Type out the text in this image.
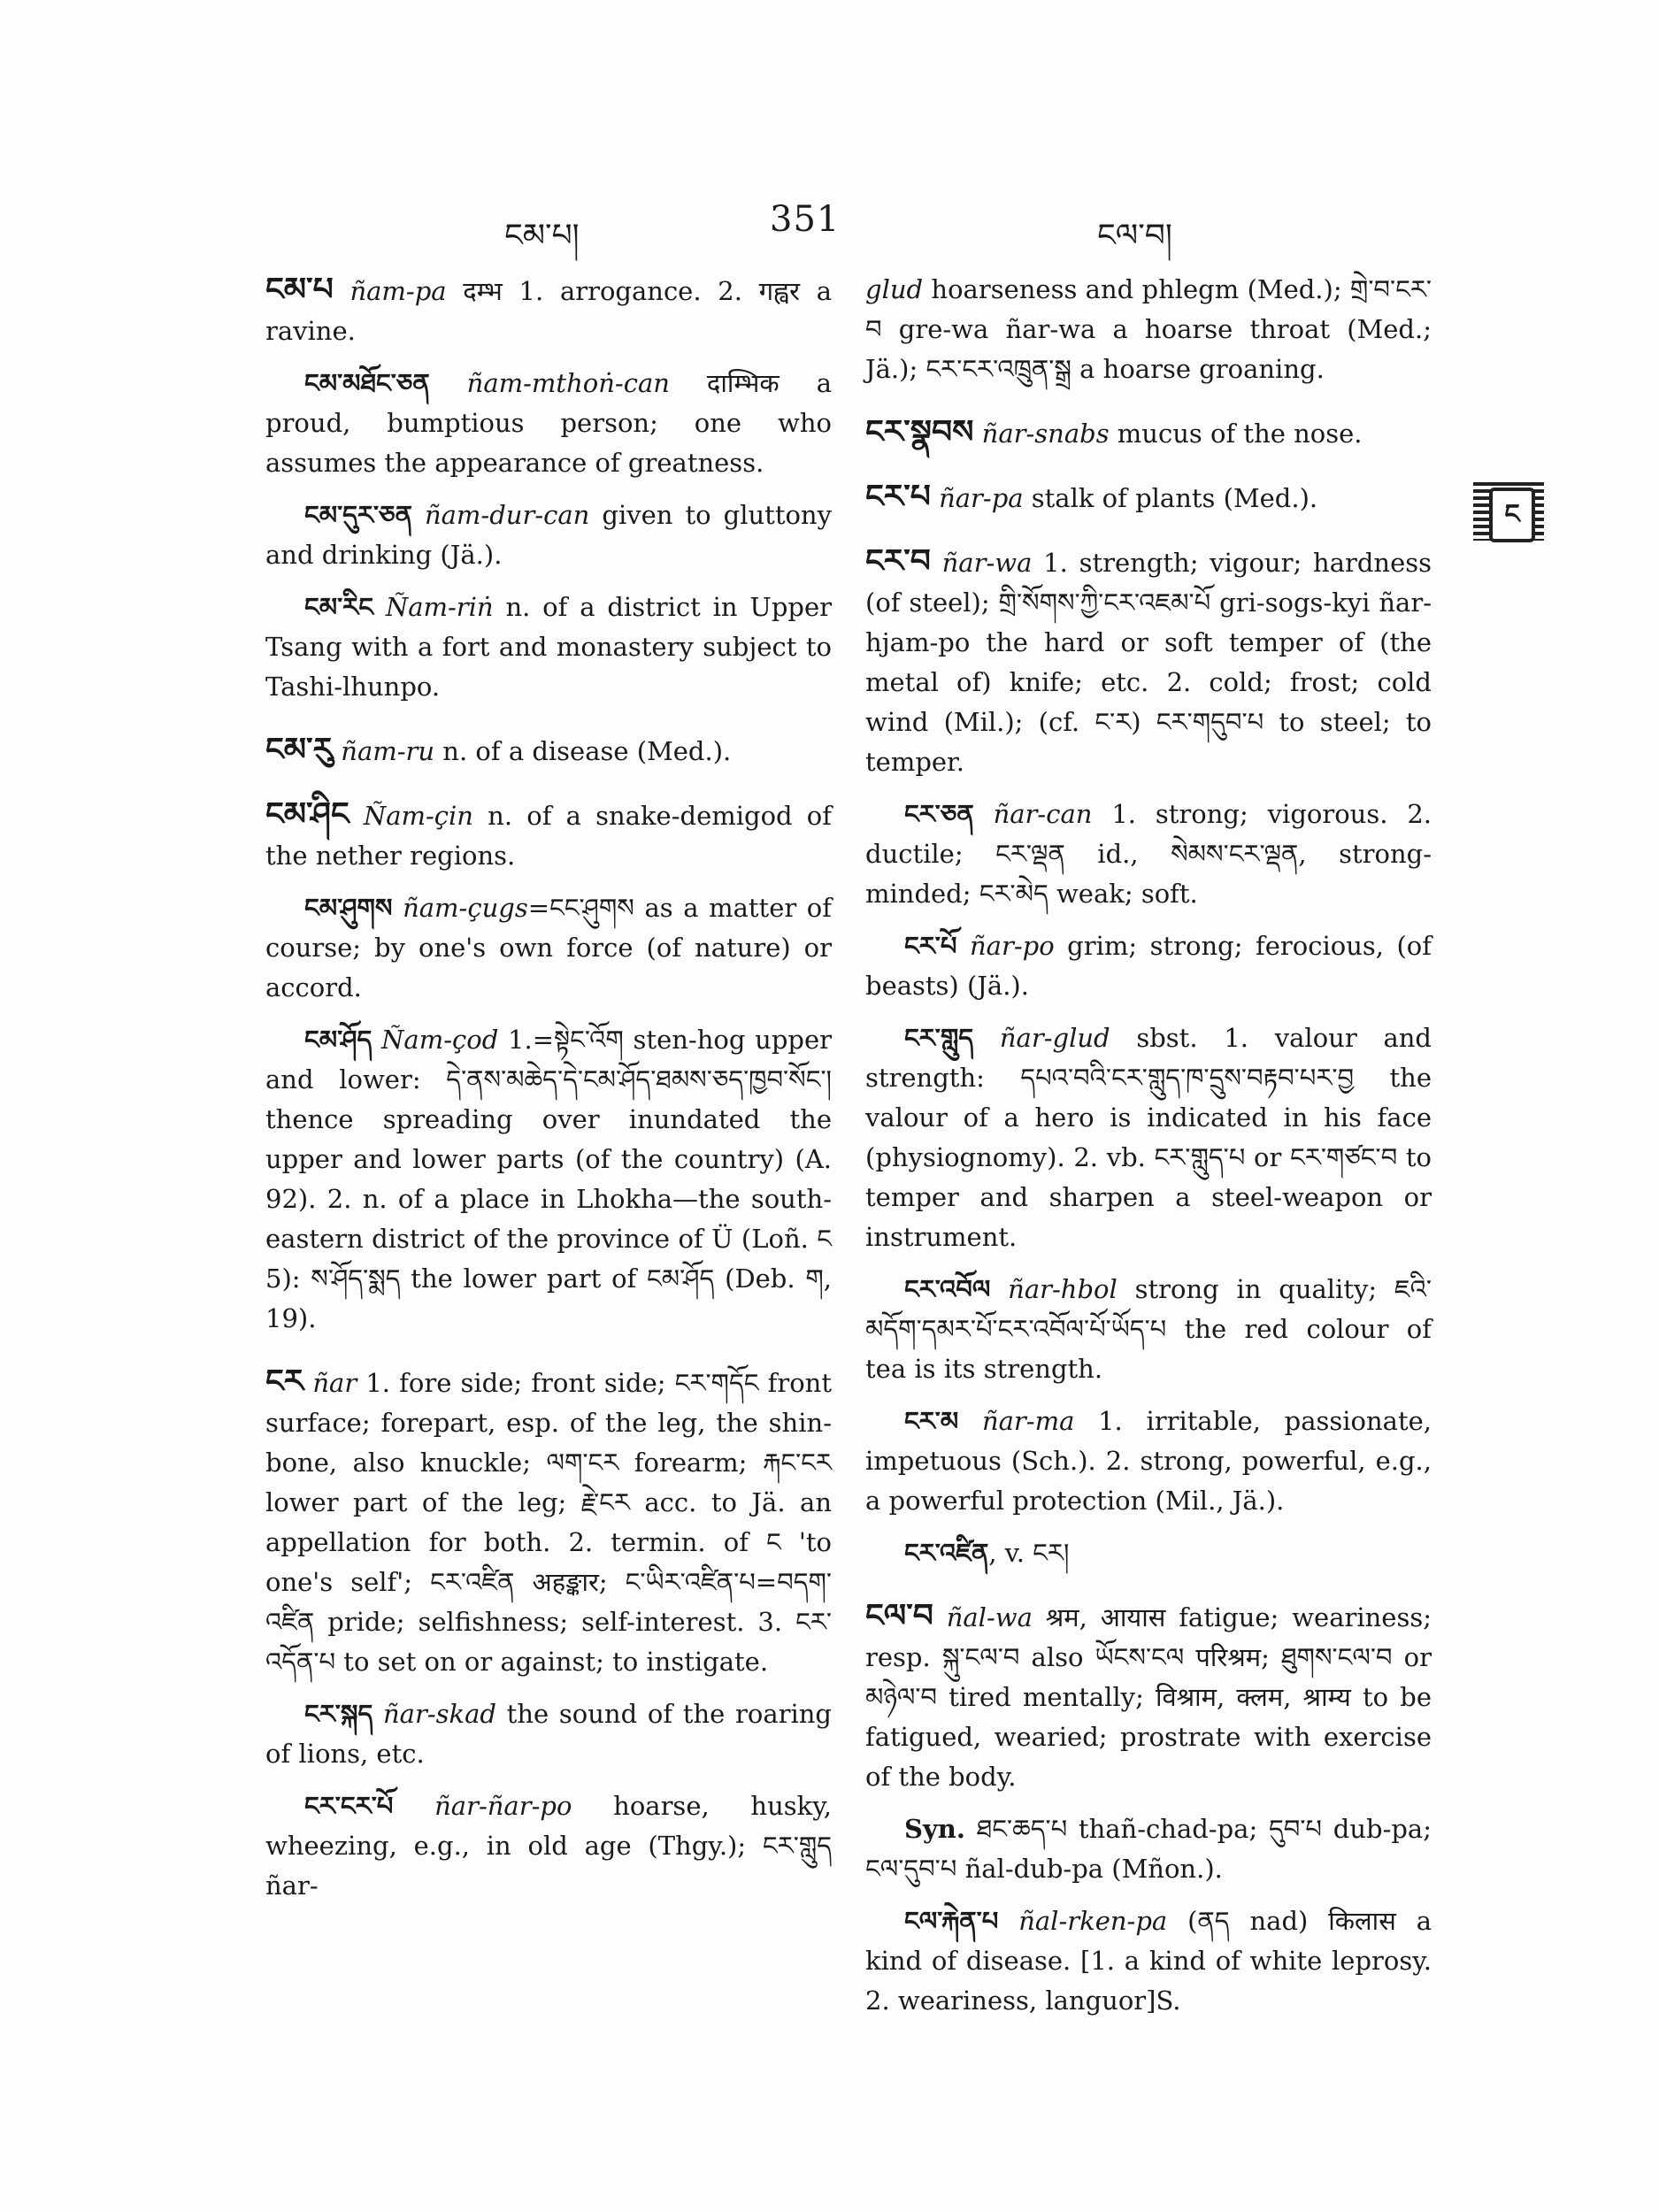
ངམ་པ།	351	ངལ་བ།
ང

ངམ་པ ñam-pa दम्भ 1. arrogance. 2. गह्वर a ravine.

ངམ་མཐོང་ཅན ñam-mthoṅ-can दाम्भिक a proud, bumptious person; one who assumes the appearance of greatness.

ངམ་དུར་ཅན ñam-dur-can given to gluttony and drinking (Jä.).

ངམ་རིང Ñam-riṅ n. of a district in Upper Tsang with a fort and monastery subject to Tashi-lhunpo.

ངམ་རུ ñam-ru n. of a disease (Med.).

ངམ་ཤིང Ñam-çin n. of a snake-demigod of the nether regions.

ངམ་ཤུགས ñam-çugs=ངང་ཤུགས as a matter of course; by one's own force (of nature) or accord.

ངམ་ཤོད Ñam-çod 1.=སྟེང་འོག sten-hog upper and lower: དེ་ནས་མཆེད་དེ་ངམ་ཤོད་ཐམས་ཅད་ཁྱབ་སོང་། thence spreading over inundated the upper and lower parts (of the country) (A. 92). 2. n. of a place in Lhokha—the south-eastern district of the province of Ü (Loñ. ང 5): ས་ཤོད་སྨད the lower part of ངམ་ཤོད (Deb. ག, 19).

ངར ñar 1. fore side; front side; ངར་གདོང front surface; forepart, esp. of the leg, the shin-bone, also knuckle; ལག་ངར forearm; རྐང་ངར lower part of the leg; རྗེ་ངར acc. to Jä. an appellation for both. 2. termin. of ང 'to one's self'; ངར་འཛིན अहङ्कार; ང་ཡིར་འཛིན་པ=བདག་འཛིན pride; selfishness; self-interest. 3. ངར་འདོན་པ to set on or against; to instigate.

ངར་སྐད ñar-skad the sound of the roaring of lions, etc.

ངར་ངར་པོ ñar-ñar-po hoarse, husky, wheezing, e.g., in old age (Thgy.); ངར་གླུད ñar-

glud hoarseness and phlegm (Med.); གྲེ་བ་ངར་བ gre-wa ñar-wa a hoarse throat (Med.; Jä.); ངར་ངར་འཁྲུན་སྒྲ a hoarse groaning.

ངར་སྣབས ñar-snabs mucus of the nose.

ངར་པ ñar-pa stalk of plants (Med.).

ངར་བ ñar-wa 1. strength; vigour; hardness (of steel); གྲི་སོགས་ཀྱི་ངར་འཇམ་པོ gri-sogs-kyi ñar-hjam-po the hard or soft temper of (the metal of) knife; etc. 2. cold; frost; cold wind (Mil.); (cf. ང་ར) ངར་གདུབ་པ to steel; to temper.

ངར་ཅན ñar-can 1. strong; vigorous. 2. ductile; ངར་ལྡན id., སེམས་ངར་ལྡན, strong-minded; ངར་མེད weak; soft.

ངར་པོ ñar-po grim; strong; ferocious, (of beasts) (Jä.).

ངར་གླུད ñar-glud sbst. 1. valour and strength: དཔའ་བའི་ངར་གླུད་ཁ་དྲུས་བརྟབ་པར་བྱ the valour of a hero is indicated in his face (physiognomy). 2. vb. ངར་གླུད་པ or ངར་གཙང་བ to temper and sharpen a steel-weapon or instrument.

ངར་འབོལ ñar-hbol strong in quality; ཇའི་མདོག་དམར་པོ་ངར་འབོལ་པོ་ཡོད་པ the red colour of tea is its strength.

ངར་མ ñar-ma 1. irritable, passionate, impetuous (Sch.). 2. strong, powerful, e.g., a powerful protection (Mil., Jä.).

ངར་འཛིན, v. ངར།

ངལ་བ ñal-wa श्रम, आयास fatigue; weariness; resp. སྐུ་ངལ་བ also ཡོངས་ངལ परिश्रम; ཐུགས་ངལ་བ or མཉེལ་བ tired mentally; विश्राम, क्लम, श्राम्य to be fatigued, wearied; prostrate with exercise of the body.

Syn. ཐང་ཆད་པ thañ-chad-pa; དུབ་པ dub-pa; ངལ་དུབ་པ ñal-dub-pa (Mñon.).

ངལ་རྐེན་པ ñal-rken-pa (ནད nad) किलास a kind of disease. [1. a kind of white leprosy. 2. weariness, languor]S.
